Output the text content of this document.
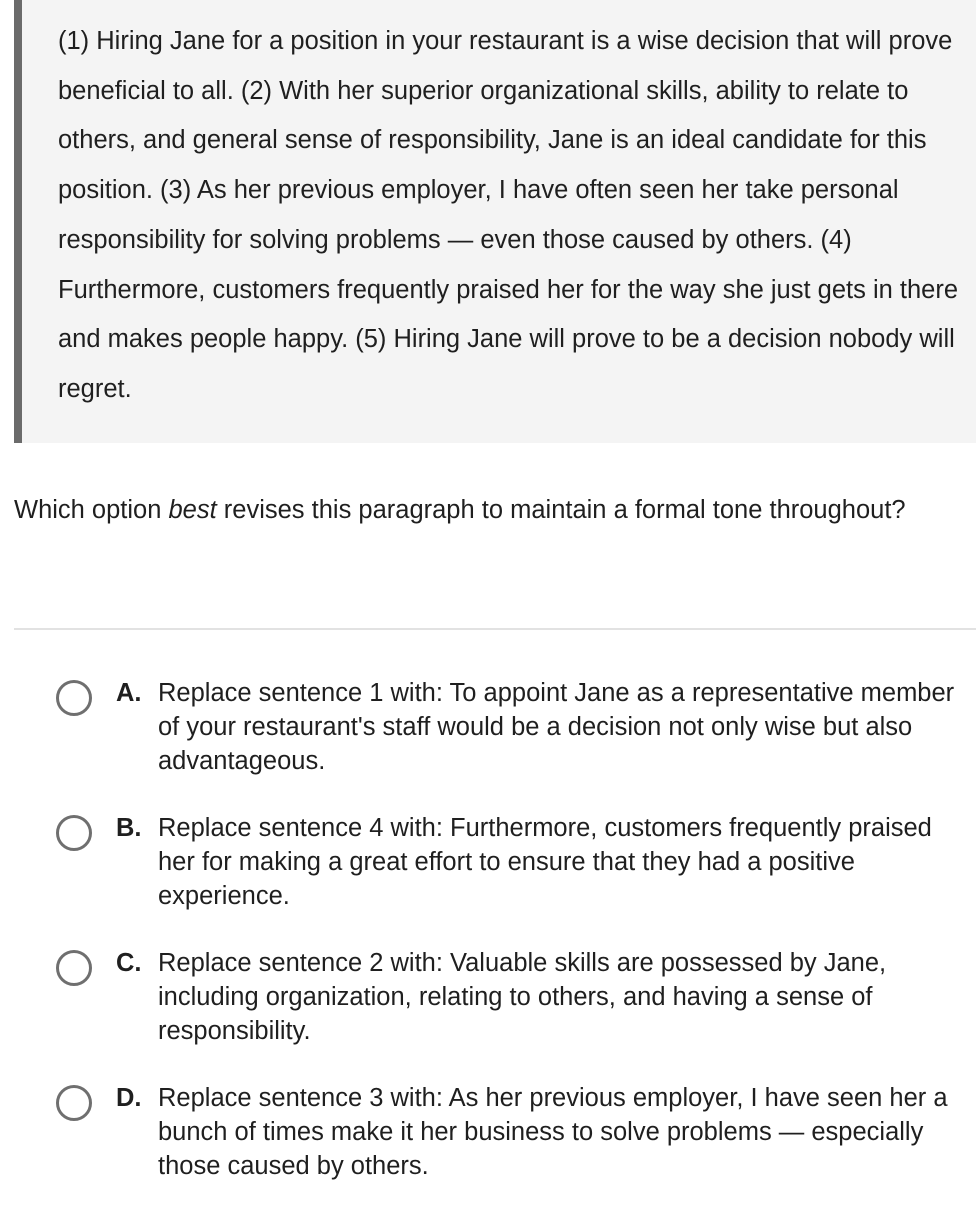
(1) Hiring Jane for a position in your restaurant is a wise decision that will prove beneficial to all. (2) With her superior organizational skills, ability to relate to others, and general sense of responsibility, Jane is an ideal candidate for this position. (3) As her previous employer, I have often seen her take personal responsibility for solving problems — even those caused by others. (4) Furthermore, customers frequently praised her for the way she just gets in there and makes people happy. (5) Hiring Jane will prove to be a decision nobody will regret.
Which option best revises this paragraph to maintain a formal tone throughout?
A. Replace sentence 1 with: To appoint Jane as a representative member of your restaurant's staff would be a decision not only wise but also advantageous.
B. Replace sentence 4 with: Furthermore, customers frequently praised her for making a great effort to ensure that they had a positive experience.
C. Replace sentence 2 with: Valuable skills are possessed by Jane, including organization, relating to others, and having a sense of responsibility.
D. Replace sentence 3 with: As her previous employer, I have seen her a bunch of times make it her business to solve problems — especially those caused by others.
